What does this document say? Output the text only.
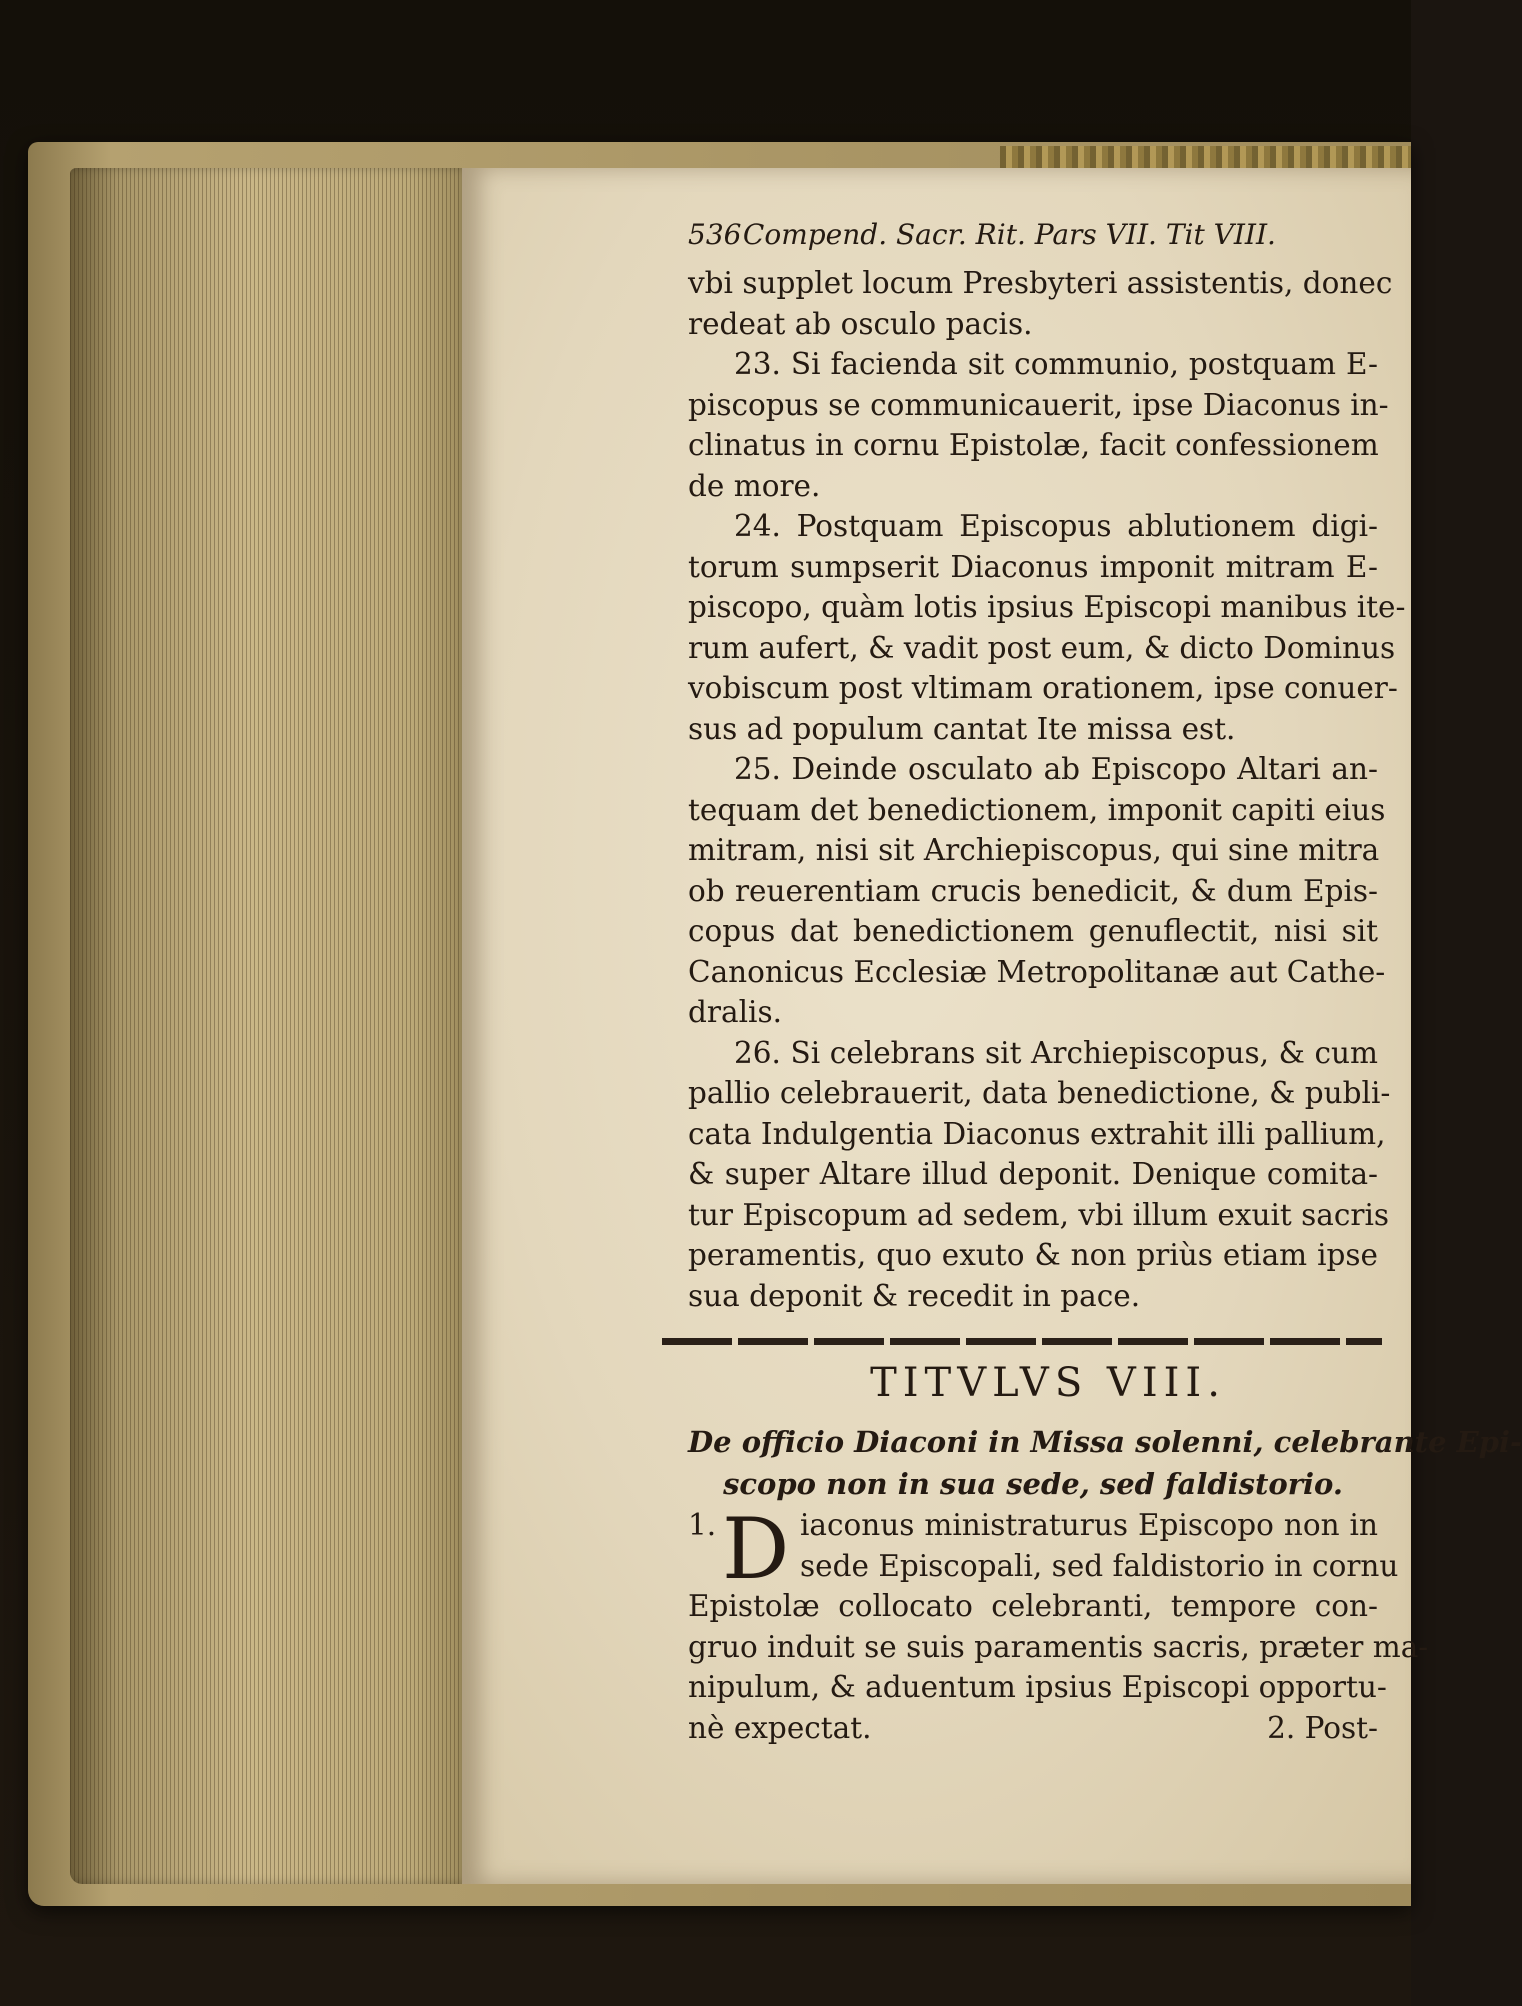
536 Compend. Sacr. Rit. Pars VII. Tit VIII.
vbi supplet locum Presbyteri assistentis, donec
redeat ab osculo pacis.
23. Si facienda sit communio, postquam E-
piscopus se communicauerit, ipse Diaconus in-
clinatus in cornu Epistolæ, facit confessionem
de more.
24. Postquam Episcopus ablutionem digi-
torum sumpserit Diaconus imponit mitram E-
piscopo, quàm lotis ipsius Episcopi manibus ite-
rum aufert, & vadit post eum, & dicto Dominus
vobiscum post vltimam orationem, ipse conuer-
sus ad populum cantat Ite missa est.
25. Deinde osculato ab Episcopo Altari an-
tequam det benedictionem, imponit capiti eius
mitram, nisi sit Archiepiscopus, qui sine mitra
ob reuerentiam crucis benedicit, & dum Epis-
copus dat benedictionem genuflectit, nisi sit
Canonicus Ecclesiæ Metropolitanæ aut Cathe-
dralis.
26. Si celebrans sit Archiepiscopus, & cum
pallio celebrauerit, data benedictione, & publi-
cata Indulgentia Diaconus extrahit illi pallium,
& super Altare illud deponit. Denique comita-
tur Episcopum ad sedem, vbi illum exuit sacris
peramentis, quo exuto & non priùs etiam ipse
sua deponit & recedit in pace.
TITVLVS VIII.
De officio Diaconi in Missa solenni, celebrante Epi-
scopo non in sua sede, sed faldistorio.
1. D iaconus ministraturus Episcopo non in
sede Episcopali, sed faldistorio in cornu
Epistolæ collocato celebranti, tempore con-
gruo induit se suis paramentis sacris, præter ma-
nipulum, & aduentum ipsius Episcopi opportu-
nè expectat.	2. Post-
